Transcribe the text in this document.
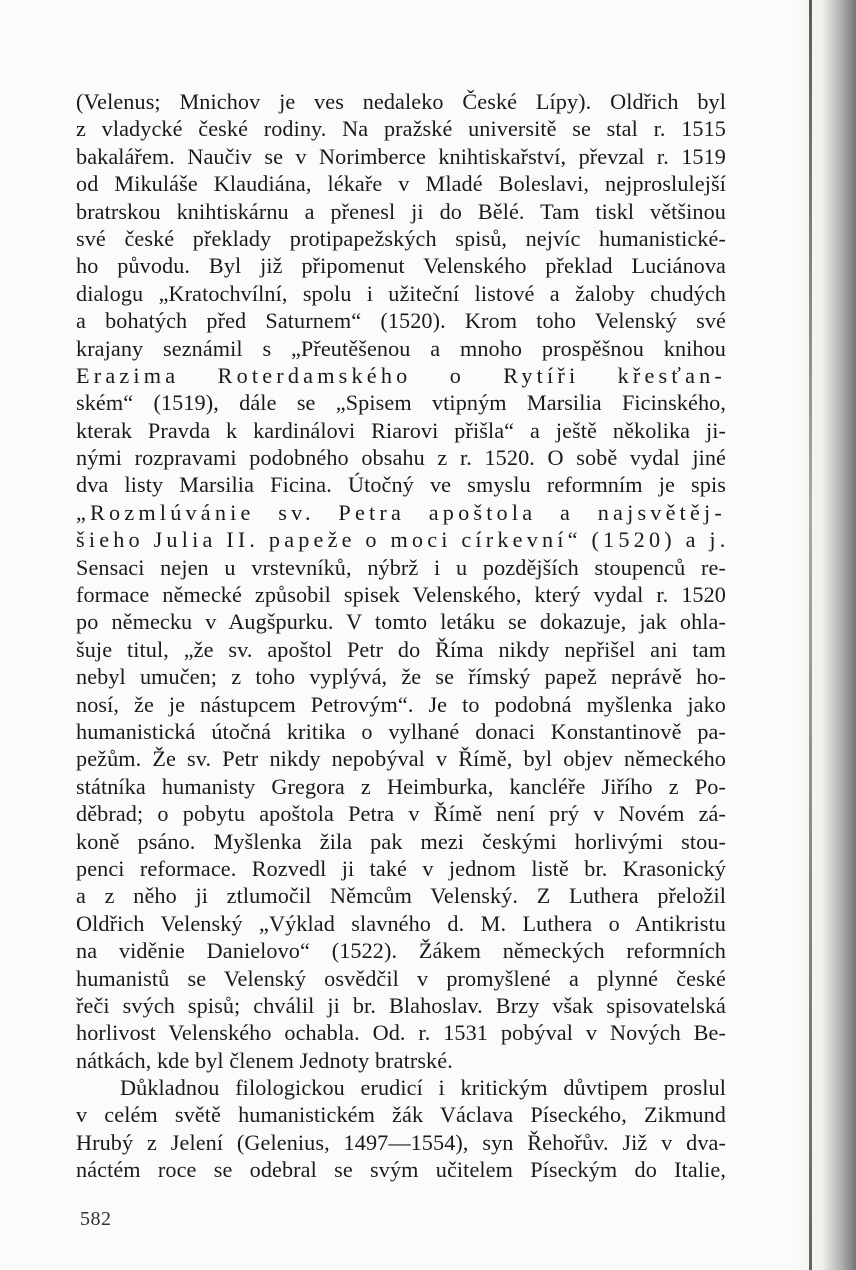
(Velenus; Mnichov je ves nedaleko České Lípy). Oldřich byl
z vladycké české rodiny. Na pražské universitě se stal r. 1515
bakalářem. Naučiv se v Norimberce knihtiskařství, převzal r. 1519
od Mikuláše Klaudiána, lékaře v Mladé Boleslavi, nejproslulejší
bratrskou knihtiskárnu a přenesl ji do Bělé. Tam tiskl většinou
své české překlady protipapežských spisů, nejvíc humanistické-
ho původu. Byl již připomenut Velenského překlad Luciánova
dialogu „Kratochvílní, spolu i užiteční listové a žaloby chudých
a bohatých před Saturnem“ (1520). Krom toho Velenský své
krajany seznámil s „Přeutěšenou a mnoho prospěšnou knihou
Erazima Roterdamského o Rytíři křesťan-
ském“ (1519), dále se „Spisem vtipným Marsilia Ficinského,
kterak Pravda k kardinálovi Riarovi přišla“ a ještě několika ji-
nými rozpravami podobného obsahu z r. 1520. O sobě vydal jiné
dva listy Marsilia Ficina. Útočný ve smyslu reformním je spis
„Rozmlúvánie sv. Petra apoštola a najsvětěj-
šieho Julia II. papeže o moci církevní“ (1520) a j.
Sensaci nejen u vrstevníků, nýbrž i u pozdějších stoupenců re-
formace německé způsobil spisek Velenského, který vydal r. 1520
po německu v Augšpurku. V tomto letáku se dokazuje, jak ohla-
šuje titul, „že sv. apoštol Petr do Říma nikdy nepřišel ani tam
nebyl umučen; z toho vyplývá, že se římský papež neprávě ho-
nosí, že je nástupcem Petrovým“. Je to podobná myšlenka jako
humanistická útočná kritika o vylhané donaci Konstantinově pa-
pežům. Že sv. Petr nikdy nepobýval v Římě, byl objev německého
státníka humanisty Gregora z Heimburka, kancléře Jiřího z Po-
děbrad; o pobytu apoštola Petra v Římě není prý v Novém zá-
koně psáno. Myšlenka žila pak mezi českými horlivými stou-
penci reformace. Rozvedl ji také v jednom listě br. Krasonický
a z něho ji ztlumočil Němcům Velenský. Z Luthera přeložil
Oldřich Velenský „Výklad slavného d. M. Luthera o Antikristu
na viděnie Danielovo“ (1522). Žákem německých reformních
humanistů se Velenský osvědčil v promyšlené a plynné české
řeči svých spisů; chválil ji br. Blahoslav. Brzy však spisovatelská
horlivost Velenského ochabla. Od. r. 1531 pobýval v Nových Be-
nátkách, kde byl členem Jednoty bratrské.
Důkladnou filologickou erudicí i kritickým důvtipem proslul
v celém světě humanistickém žák Václava Píseckého, Zikmund
Hrubý z Jelení (Gelenius, 1497—1554), syn Řehořův. Již v dva-
náctém roce se odebral se svým učitelem Píseckým do Italie,
582
